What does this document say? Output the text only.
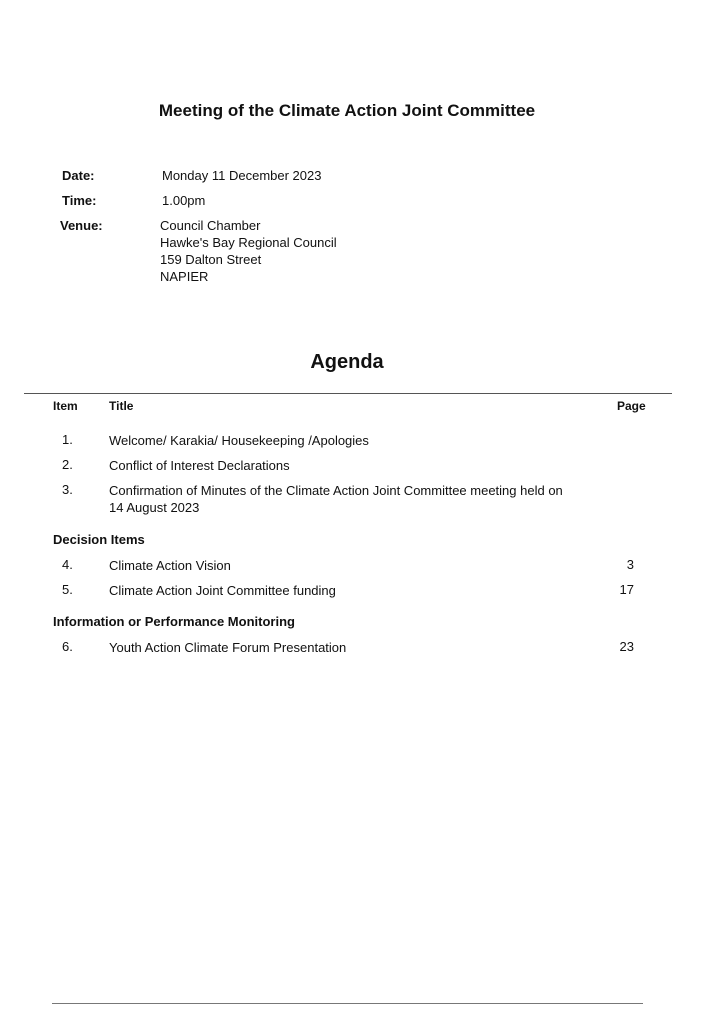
Meeting of the Climate Action Joint Committee
Date:	Monday 11 December 2023
Time:	1.00pm
Venue:	Council Chamber
Hawke's Bay Regional Council
159 Dalton Street
NAPIER
Agenda
Item	Title	Page
1.	Welcome/ Karakia/ Housekeeping /Apologies
2.	Conflict of Interest Declarations
3.	Confirmation of Minutes of the Climate Action Joint Committee meeting held on 14 August 2023
Decision Items
4.	Climate Action Vision	3
5.	Climate Action Joint Committee funding	17
Information or Performance Monitoring
6.	Youth Action Climate Forum Presentation	23
